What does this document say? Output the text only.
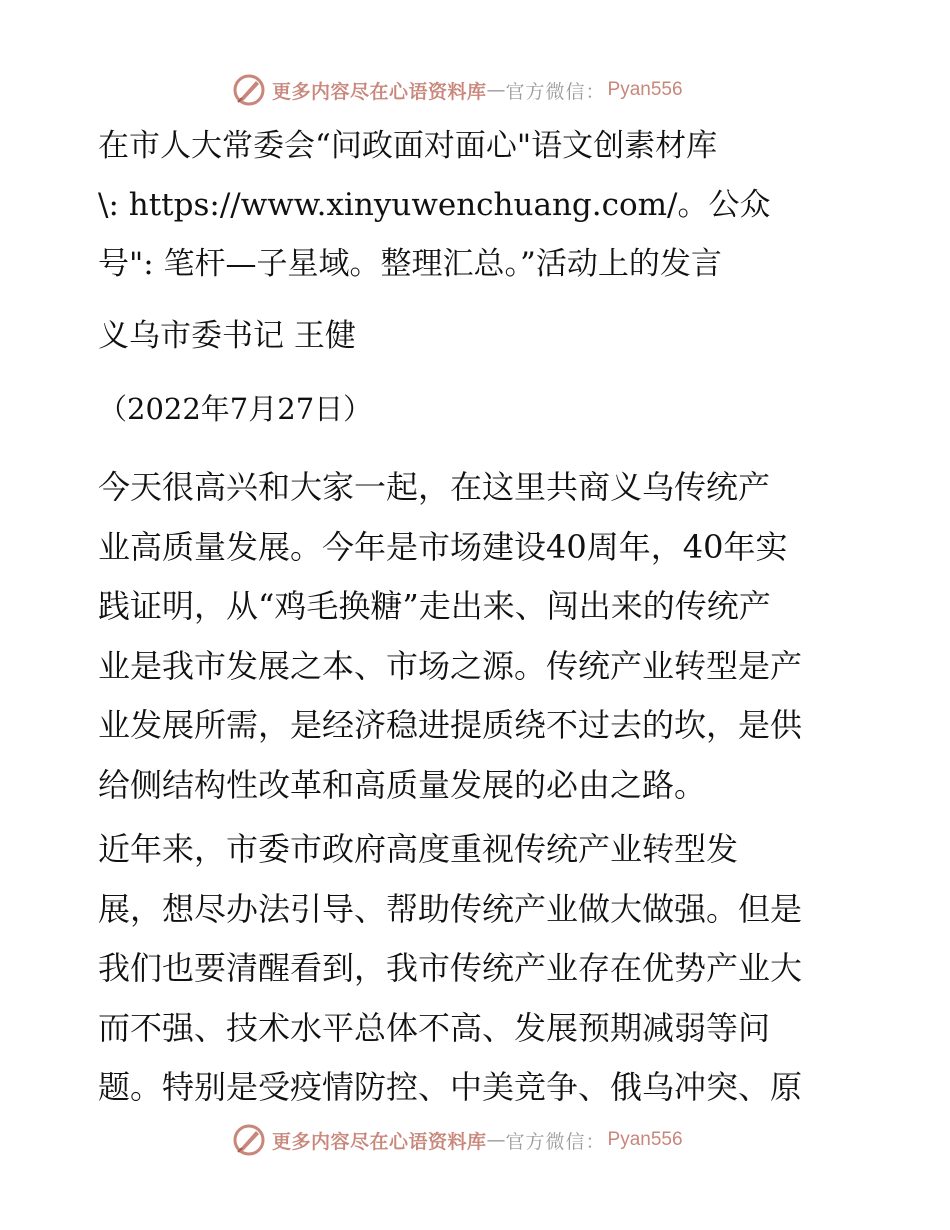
更多内容尽在心语资料库 — 官方微信： Pyan556
在市人大常委会“问政面对面心"语文创素材库
\: https://www.xinyuwenchuang.com/。公众
号": 笔杆—子星域。整理汇总。”活动上的发言
义乌市委书记 王健
（2022年7月27日）
今天很高兴和大家一起，在这里共商义乌传统产
业高质量发展。今年是市场建设40周年，40年实
践证明，从“鸡毛换糖”走出来、闯出来的传统产
业是我市发展之本、市场之源。传统产业转型是产
业发展所需，是经济稳进提质绕不过去的坎，是供
给侧结构性改革和高质量发展的必由之路。
近年来，市委市政府高度重视传统产业转型发
展，想尽办法引导、帮助传统产业做大做强。但是
我们也要清醒看到，我市传统产业存在优势产业大
而不强、技术水平总体不高、发展预期减弱等问
题。特别是受疫情防控、中美竞争、俄乌冲突、原
更多内容尽在心语资料库 — 官方微信： Pyan556
